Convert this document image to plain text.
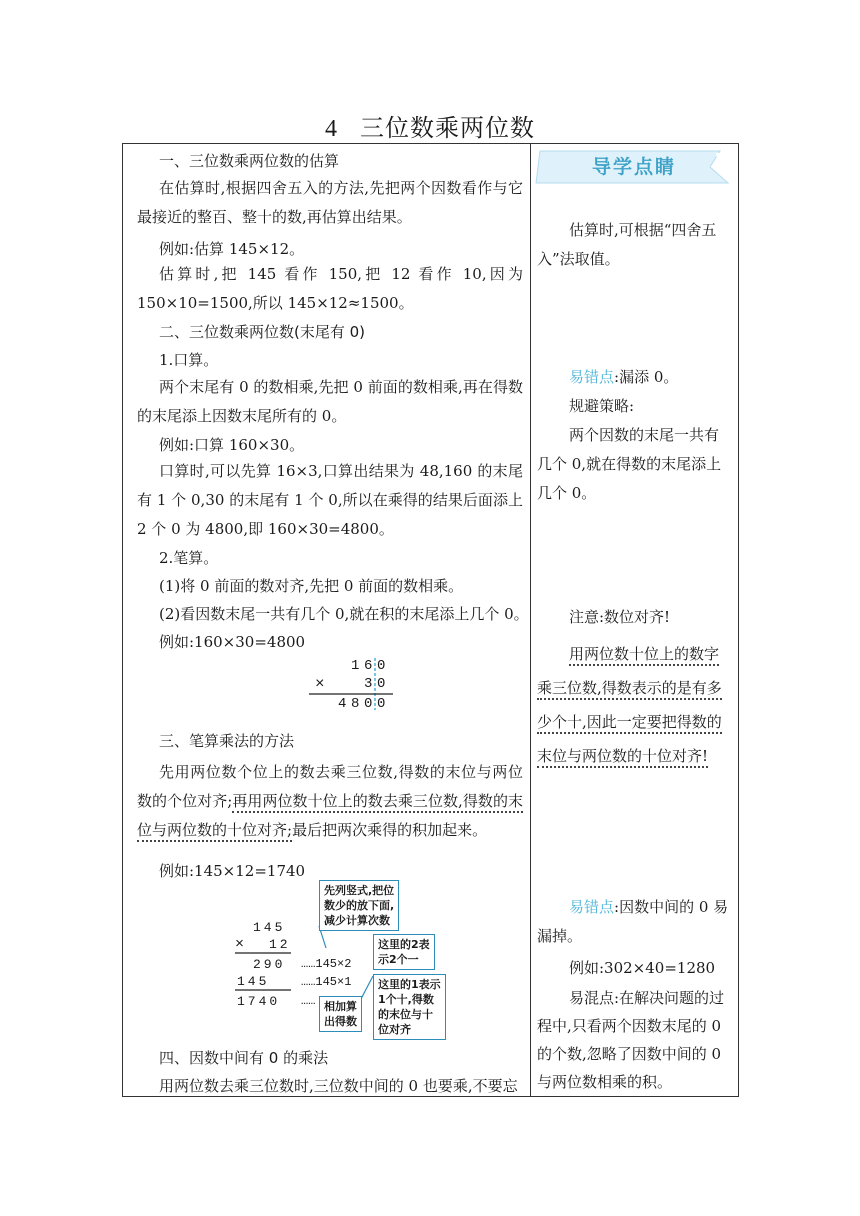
4 三位数乘两位数
一、三位数乘两位数的估算
在估算时,根据四舍五入的方法,先把两个因数看作与它最接近的整百、整十的数,再估算出结果。
例如:估算 145×12。
估算时,把 145 看作 150,把 12 看作 10,因为 150×10=1500,所以 145×12≈1500。
二、三位数乘两位数(末尾有 0)
1.口算。
两个末尾有 0 的数相乘,先把 0 前面的数相乘,再在得数的末尾添上因数末尾所有的 0。
例如:口算 160×30。
口算时,可以先算 16×3,口算出结果为 48,160 的末尾有 1 个 0,30 的末尾有 1 个 0,所以在乘得的结果后面添上 2 个 0 为 4800,即 160×30=4800。
2.笔算。
(1)将 0 前面的数对齐,先把 0 前面的数相乘。
(2)看因数末尾一共有几个 0,就在积的末尾添上几个 0。
例如:160×30=4800
1 6 0
×	3 0
4 8 0 0
三、笔算乘法的方法
先用两位数个位上的数去乘三位数,得数的末位与两位数的个位对齐;再用两位数十位上的数去乘三位数,得数的末位与两位数的十位对齐;最后把两次乘得的积加起来。
例如:145×12=1740
145
× 12
290
145
1740
……145×2
……145×1
……
先列竖式,把位
数少的放下面,
减少计算次数
这里的2表
示2个一
这里的1表示
1个十,得数
的末位与十
位对齐
相加算
出得数
四、因数中间有 0 的乘法
用两位数去乘三位数时,三位数中间的 0 也要乘,不要忘
导学点睛
估算时,可根据“四舍五入”法取值。
易错点:漏添 0。
规避策略:
两个因数的末尾一共有几个 0,就在得数的末尾添上几个 0。
注意:数位对齐!
用两位数十位上的数字乘三位数,得数表示的是有多少个十,因此一定要把得数的末位与两位数的十位对齐!
易错点:因数中间的 0 易漏掉。
例如:302×40=1280
易混点:在解决问题的过程中,只看两个因数末尾的 0 的个数,忽略了因数中间的 0 与两位数相乘的积。
